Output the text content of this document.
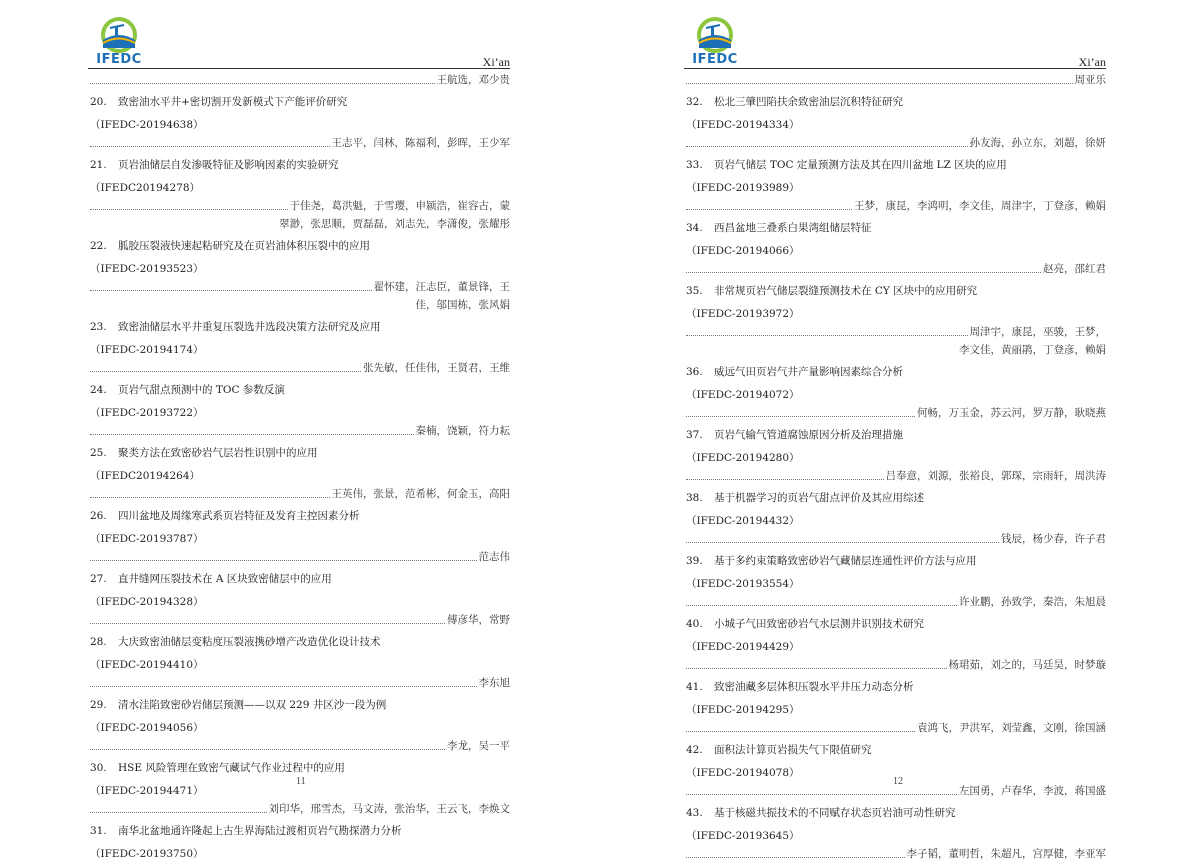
IFEDC	Xi’an
王航选，邓少贵
20. 致密油水平井+密切割开发新模式下产能评价研究
（IFEDC-20194638）
王志平，闫林，陈福利，彭晖，王少军
21. 页岩油储层自发渗吸特征及影响因素的实验研究
（IFEDC20194278）
于佳尧，葛洪魁，于雪璎，申颍浩，崔容古，蒙
翠渺，张思顺，贾磊磊，刘志先，李潇俊，张耀彤
22. 胍胶压裂液快速起粘研究及在页岩油体积压裂中的应用
（IFEDC-20193523）
翟怀建，汪志臣，董景锋，王
佳，邬国栋，张风娟
23. 致密油储层水平井重复压裂选井选段决策方法研究及应用
（IFEDC-20194174）
张先敏，任佳伟，王贤君，王维
24. 页岩气甜点预测中的 TOC 参数反演
（IFEDC-20193722）
秦楠，饶颖，符力耘
25. 聚类方法在致密砂岩气层岩性识别中的应用
（IFEDC20194264）
王英伟，张景，范希彬，何金玉，高阳
26. 四川盆地及周缘寒武系页岩特征及发育主控因素分析
（IFEDC-20193787）
范志伟
27. 直井缝网压裂技术在 A 区块致密储层中的应用
（IFEDC-20194328）
傅彦华，常野
28. 大庆致密油储层变粘度压裂液携砂增产改造优化设计技术
（IFEDC-20194410）
李东旭
29. 清水洼陷致密砂岩储层预测——以双 229 井区沙一段为例
（IFEDC-20194056）
李龙，吴一平
30. HSE 风险管理在致密气藏试气作业过程中的应用
（IFEDC-20194471）
刘印华，邢雪杰，马文涛，张治华，王云飞，李焕文
31. 南华北盆地通许隆起上古生界海陆过渡相页岩气勘探潜力分析
（IFEDC-20193750）
11
IFEDC	Xi’an
周亚乐
32. 松北三肇凹陷扶余致密油层沉积特征研究
（IFEDC-20194334）
孙友海，孙立东，刘超，徐妍
33. 页岩气储层 TOC 定量预测方法及其在四川盆地 LZ 区块的应用
（IFEDC-20193989）
王梦，康昆，李鸿明，李文佳，周津宇，丁登彦，赖娟
34. 西昌盆地三叠系白果湾组储层特征
（IFEDC-20194066）
赵亮，邵红君
35. 非常规页岩气储层裂缝预测技术在 CY 区块中的应用研究
（IFEDC-20193972）
周津宇，康昆，巫骏，王梦，
李文佳，黄丽鹃，丁登彦，赖娟
36. 威远气田页岩气井产量影响因素综合分析
（IFEDC-20194072）
何畅，万玉金，苏云河，罗万静，耿晓燕
37. 页岩气输气管道腐蚀原因分析及治理措施
（IFEDC-20194280）
吕奉意，刘源，张裕良，郭琛，宗雨轩，周洪涛
38. 基于机器学习的页岩气甜点评价及其应用综述
（IFEDC-20194432）
钱辰，杨少春，许子君
39. 基于多约束策略致密砂岩气藏储层连通性评价方法与应用
（IFEDC-20193554）
许业鹏，孙致学，秦浩，朱旭晨
40. 小城子气田致密砂岩气水层测井识别技术研究
（IFEDC-20194429）
杨珺茹，刘之的，马廷昊，时梦璇
41. 致密油藏多层体积压裂水平井压力动态分析
（IFEDC-20194295）
袁鸿飞，尹洪军，刘莹鑫，文刚，徐国涵
42. 面积法计算页岩损失气下限值研究
（IFEDC-20194078）
左国勇，卢春华，李波，蒋国盛
43. 基于核磁共振技术的不同赋存状态页岩油可动性研究
（IFEDC-20193645）
李子韬，董明哲，朱超凡，宫厚健，李亚军
12
